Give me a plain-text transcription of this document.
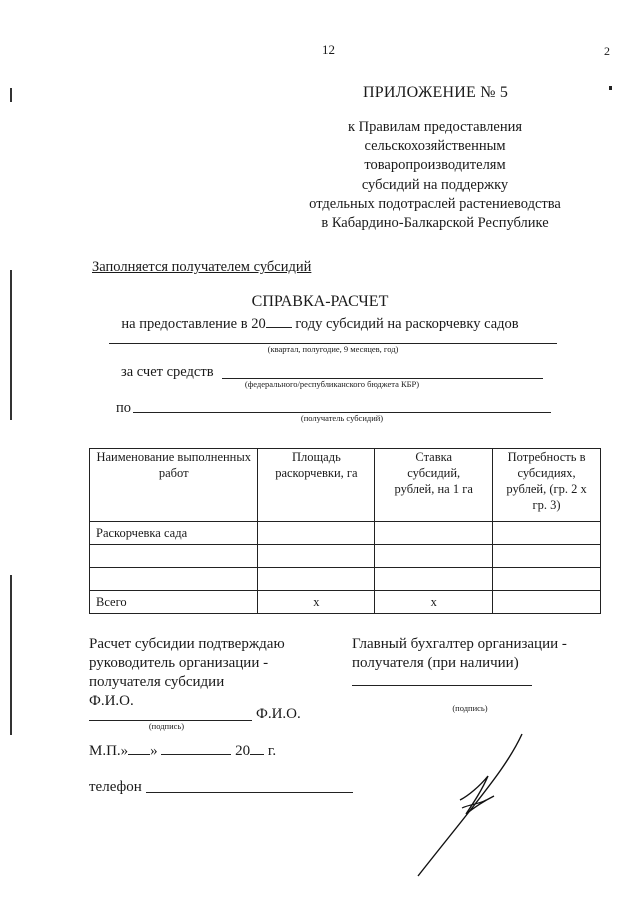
12	2
ПРИЛОЖЕНИЕ № 5
к Правилам предоставления
сельскохозяйственным
товаропроизводителям
субсидий на поддержку
отдельных подотраслей растениеводства
в Кабардино-Балкарской Республике
Заполняется получателем субсидий
СПРАВКА-РАСЧЕТ
на предоставление в 20 году субсидий на раскорчевку садов
(квартал, полугодие, 9 месяцев, год)
за счет средств
(федерального/республиканского бюджета КБР)
по
(получатель субсидий)
Наименование выполненных работ	Площадь раскорчевки, га	Ставка субсидий, рублей, на 1 га	Потребность в субсидиях, рублей, (гр. 2 х гр. 3)

Раскорчевка сада			

Всего	х	х	
Расчет субсидии подтверждаю
руководитель организации -
получателя субсидии
Ф.И.О.
Ф.И.О.
(подпись)
М.П.» »	20 г.
телефон
Главный бухгалтер организации -
получателя (при наличии)
(подпись)
